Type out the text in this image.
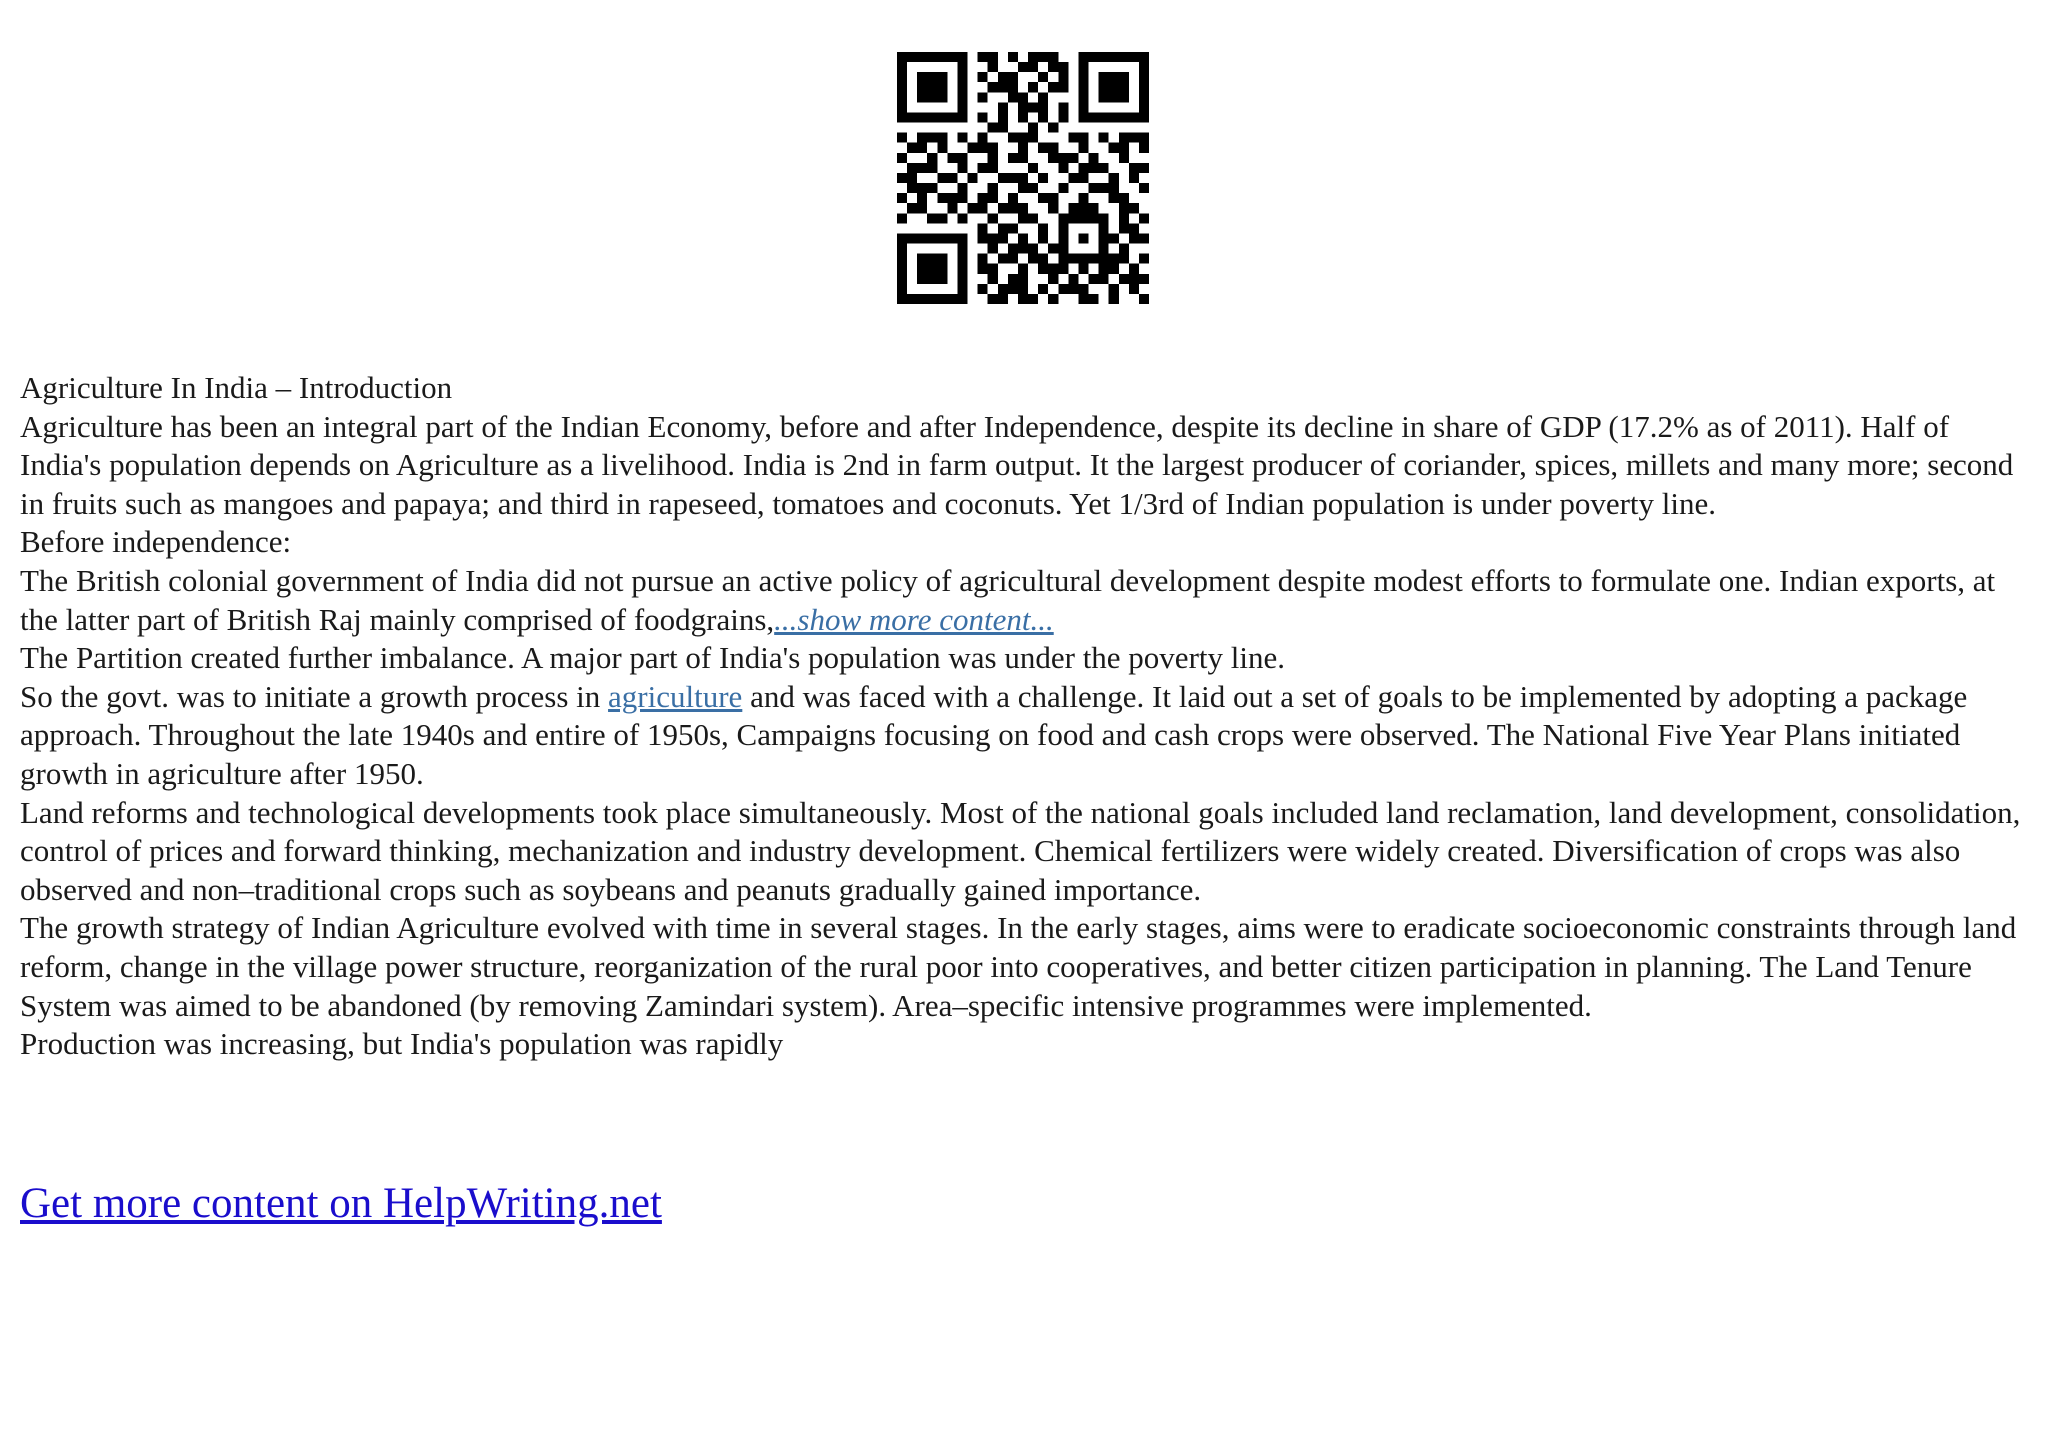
Agriculture In India – Introduction

Agriculture has been an integral part of the Indian Economy, before and after Independence, despite its decline in share of GDP (17.2% as of 2011). Half of India's population depends on Agriculture as a livelihood. India is 2nd in farm output. It the largest producer of coriander, spices, millets and many more; second in fruits such as mangoes and papaya; and third in rapeseed, tomatoes and coconuts. Yet 1/3rd of Indian population is under poverty line.

Before independence:

The British colonial government of India did not pursue an active policy of agricultural development despite modest efforts to formulate one. Indian exports, at the latter part of British Raj mainly comprised of foodgrains,...show more content...

The Partition created further imbalance. A major part of India's population was under the poverty line.

So the govt. was to initiate a growth process in agriculture and was faced with a challenge. It laid out a set of goals to be implemented by adopting a package approach. Throughout the late 1940s and entire of 1950s, Campaigns focusing on food and cash crops were observed. The National Five Year Plans initiated growth in agriculture after 1950.

Land reforms and technological developments took place simultaneously. Most of the national goals included land reclamation, land development, consolidation, control of prices and forward thinking, mechanization and industry development. Chemical fertilizers were widely created. Diversification of crops was also observed and non–traditional crops such as soybeans and peanuts gradually gained importance.

The growth strategy of Indian Agriculture evolved with time in several stages. In the early stages, aims were to eradicate socioeconomic constraints through land reform, change in the village power structure, reorganization of the rural poor into cooperatives, and better citizen participation in planning. The Land Tenure System was aimed to be abandoned (by removing Zamindari system). Area–specific intensive programmes were implemented.

Production was increasing, but India's population was rapidly

Get more content on HelpWriting.net
